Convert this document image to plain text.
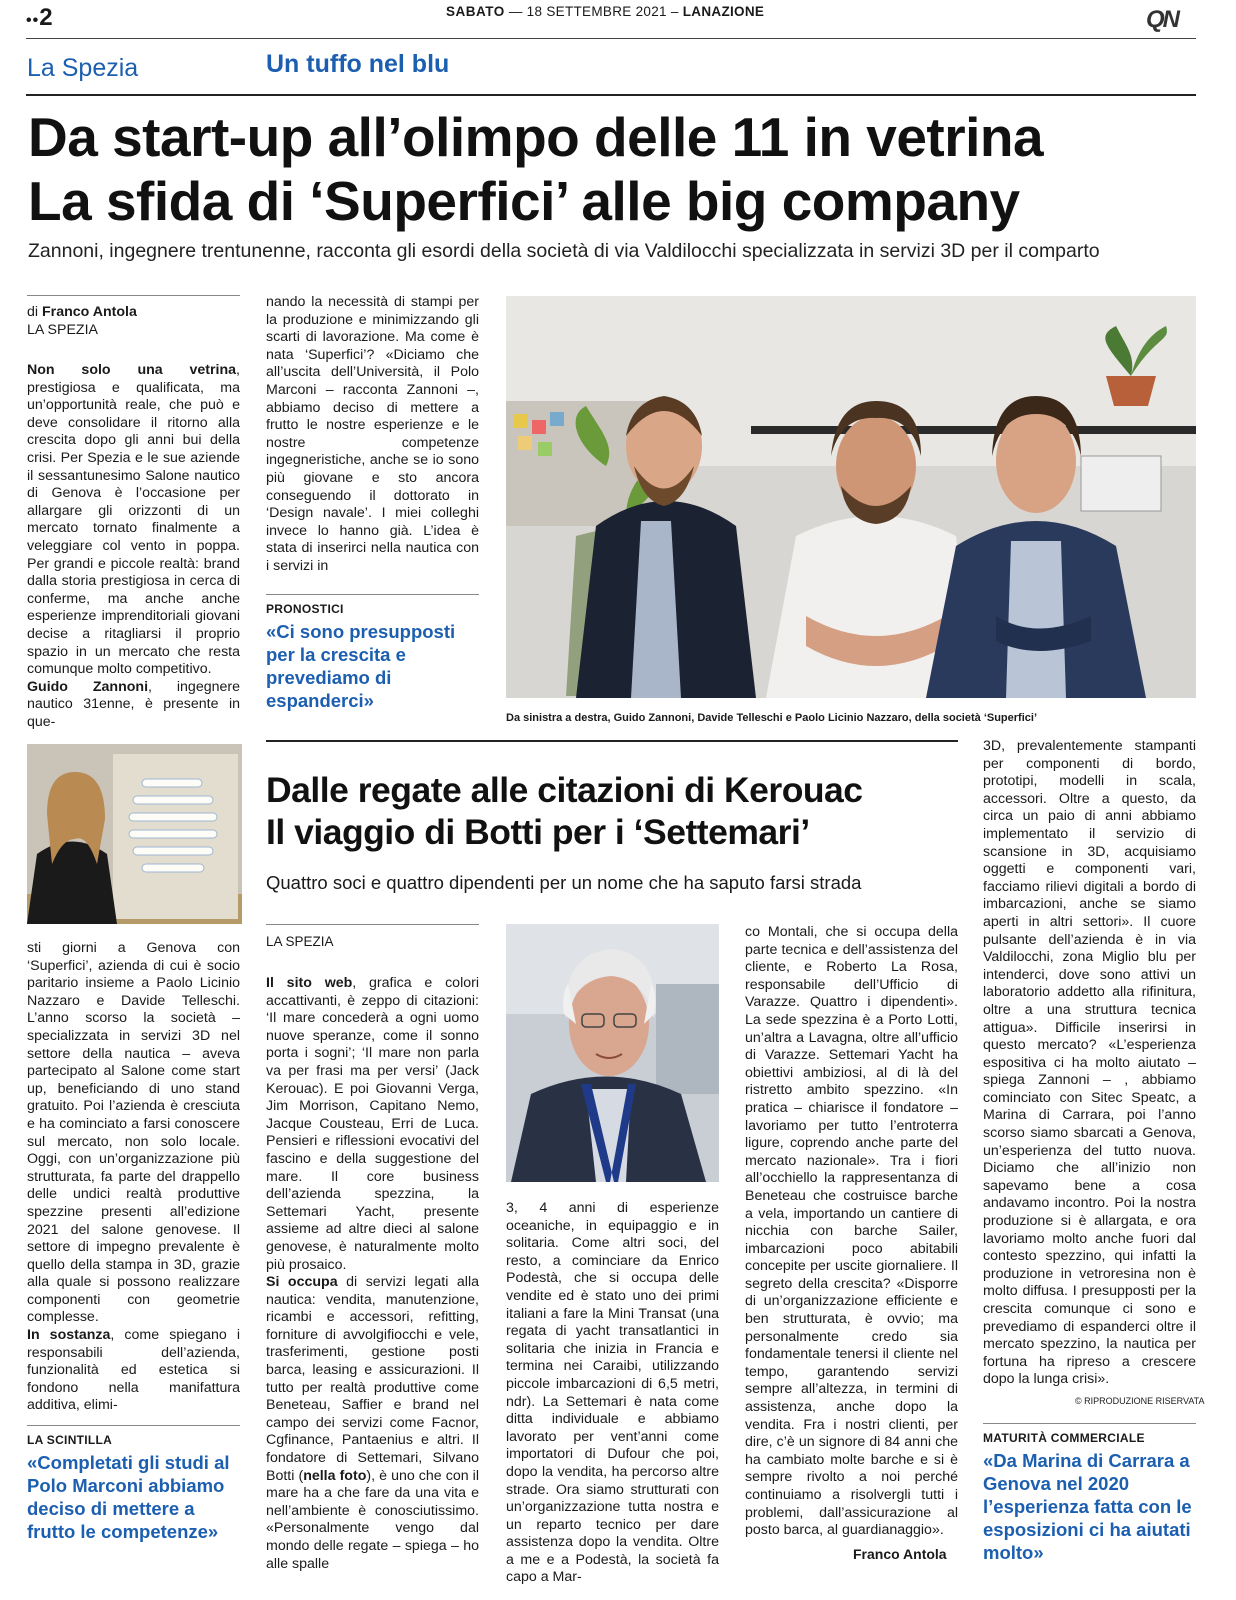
••2	SABATO — 18 SETTEMBRE 2021 – LANAZIONE	QN
La Spezia	Un tuffo nel blu
Da start-up all’olimpo delle 11 in vetrina
La sfida di ‘Superfici’ alle big company
Zannoni, ingegnere trentunenne, racconta gli esordi della società di via Valdilocchi specializzata in servizi 3D per il comparto
di Franco Antola
LA SPEZIA

Non solo una vetrina, prestigiosa e qualificata, ma un’opportunità reale, che può e deve consolidare il ritorno alla crescita dopo gli anni bui della crisi. Per Spezia e le sue aziende il sessantunesimo Salone nautico di Genova è l’occasione per allargare gli orizzonti di un mercato tornato finalmente a veleggiare col vento in poppa. Per grandi e piccole realtà: brand dalla storia prestigiosa in cerca di conferme, ma anche anche esperienze imprenditoriali giovani decise a ritagliarsi il proprio spazio in un mercato che resta comunque molto competitivo.

Guido Zannoni, ingegnere nautico 31enne, è presente in que-

nando la necessità di stampi per la produzione e minimizzando gli scarti di lavorazione. Ma come è nata ‘Superfici’? «Diciamo che all’uscita dell’Università, il Polo Marconi – racconta Zannoni –, abbiamo deciso di mettere a frutto le nostre esperienze e le nostre competenze ingegneristiche, anche se io sono più giovane e sto ancora conseguendo il dottorato in ‘Design navale’. I miei colleghi invece lo hanno già. L’idea è stata di inserirci nella nautica con i servizi in

PRONOSTICI
«Ci sono presupposti per la crescita e prevediamo di espanderci»
Da sinistra a destra, Guido Zannoni, Davide Telleschi e Paolo Licinio Nazzaro, della società ‘Superfici’

sti giorni a Genova con ‘Superfici’, azienda di cui è socio paritario insieme a Paolo Licinio Nazzaro e Davide Telleschi. L’anno scorso la società – specializzata in servizi 3D nel settore della nautica – aveva partecipato al Salone come start up, beneficiando di uno stand gratuito. Poi l’azienda è cresciuta e ha cominciato a farsi conoscere sul mercato, non solo locale. Oggi, con un’organizzazione più strutturata, fa parte del drappello delle undici realtà produttive spezzine presenti all’edizione 2021 del salone genovese. Il settore di impegno prevalente è quello della stampa in 3D, grazie alla quale si possono realizzare componenti con geometrie complesse.

In sostanza, come spiegano i responsabili dell’azienda, funzionalità ed estetica si fondono nella manifattura additiva, elimi-

LA SCINTILLA
«Completati gli studi al Polo Marconi abbiamo deciso di mettere a frutto le competenze»
Dalle regate alle citazioni di Kerouac
Il viaggio di Botti per i ‘Settemari’
Quattro soci e quattro dipendenti per un nome che ha saputo farsi strada
LA SPEZIA

Il sito web, grafica e colori accattivanti, è zeppo di citazioni: ‘Il mare concederà a ogni uomo nuove speranze, come il sonno porta i sogni’; ‘Il mare non parla va per frasi ma per versi’ (Jack Kerouac). E poi Giovanni Verga, Jim Morrison, Capitano Nemo, Jacque Cousteau, Erri de Luca. Pensieri e riflessioni evocativi del fascino e della suggestione del mare. Il core business dell’azienda spezzina, la Settemari Yacht, presente assieme ad altre dieci al salone genovese, è naturalmente molto più prosaico.

Si occupa di servizi legati alla nautica: vendita, manutenzione, ricambi e accessori, refitting, forniture di avvolgifiocchi e vele, trasferimenti, gestione posti barca, leasing e assicurazioni. Il tutto per realtà produttive come Beneteau, Saffier e brand nel campo dei servizi come Facnor, Cgfinance, Pantaenius e altri. Il fondatore di Settemari, Silvano Botti (nella foto), è uno che con il mare ha a che fare da una vita e nell’ambiente è conosciutissimo. «Personalmente vengo dal mondo delle regate – spiega – ho alle spalle

3, 4 anni di esperienze oceaniche, in equipaggio e in solitaria. Come altri soci, del resto, a cominciare da Enrico Podestà, che si occupa delle vendite ed è stato uno dei primi italiani a fare la Mini Transat (una regata di yacht transatlantici in solitaria che inizia in Francia e termina nei Caraibi, utilizzando piccole imbarcazioni di 6,5 metri, ndr). La Settemari è nata come ditta individuale e abbiamo lavorato per vent’anni come importatori di Dufour che poi, dopo la vendita, ha percorso altre strade. Ora siamo strutturati con un’organizzazione tutta nostra e un reparto tecnico per dare assistenza dopo la vendita. Oltre a me e a Podestà, la società fa capo a Mar-

co Montali, che si occupa della parte tecnica e dell’assistenza del cliente, e Roberto La Rosa, responsabile dell’Ufficio di Varazze. Quattro i dipendenti». La sede spezzina è a Porto Lotti, un’altra a Lavagna, oltre all’ufficio di Varazze. Settemari Yacht ha obiettivi ambiziosi, al di là del ristretto ambito spezzino. «In pratica – chiarisce il fondatore – lavoriamo per tutto l’entroterra ligure, coprendo anche parte del mercato nazionale». Tra i fiori all’occhiello la rappresentanza di Beneteau che costruisce barche a vela, importando un cantiere di nicchia con barche Sailer, imbarcazioni poco abitabili concepite per uscite giornaliere. Il segreto della crescita? «Disporre di un’organizzazione efficiente e ben strutturata, è ovvio; ma personalmente credo sia fondamentale tenersi il cliente nel tempo, garantendo servizi sempre all’altezza, in termini di assistenza, anche dopo la vendita. Fra i nostri clienti, per dire, c’è un signore di 84 anni che ha cambiato molte barche e si è sempre rivolto a noi perché continuiamo a risolvergli tutti i problemi, dall’assicurazione al posto barca, al guardianaggio».

Franco Antola

3D, prevalentemente stampanti per componenti di bordo, prototipi, modelli in scala, accessori. Oltre a questo, da circa un paio di anni abbiamo implementato il servizio di scansione in 3D, acquisiamo oggetti e componenti vari, facciamo rilievi digitali a bordo di imbarcazioni, anche se siamo aperti in altri settori». Il cuore pulsante dell’azienda è in via Valdilocchi, zona Miglio blu per intenderci, dove sono attivi un laboratorio addetto alla rifinitura, oltre a una struttura tecnica attigua». Difficile inserirsi in questo mercato? «L’esperienza espositiva ci ha molto aiutato – spiega Zannoni – , abbiamo cominciato con Sitec Speatc, a Marina di Carrara, poi l’anno scorso siamo sbarcati a Genova, un’esperienza del tutto nuova. Diciamo che all’inizio non sapevamo bene a cosa andavamo incontro. Poi la nostra produzione si è allargata, e ora lavoriamo molto anche fuori dal contesto spezzino, qui infatti la produzione in vetroresina non è molto diffusa. I presupposti per la crescita comunque ci sono e prevediamo di espanderci oltre il mercato spezzino, la nautica per fortuna ha ripreso a crescere dopo la lunga crisi».

© RIPRODUZIONE RISERVATA
MATURITÀ COMMERCIALE
«Da Marina di Carrara a Genova nel 2020 l’esperienza fatta con le esposizioni ci ha aiutati molto»
